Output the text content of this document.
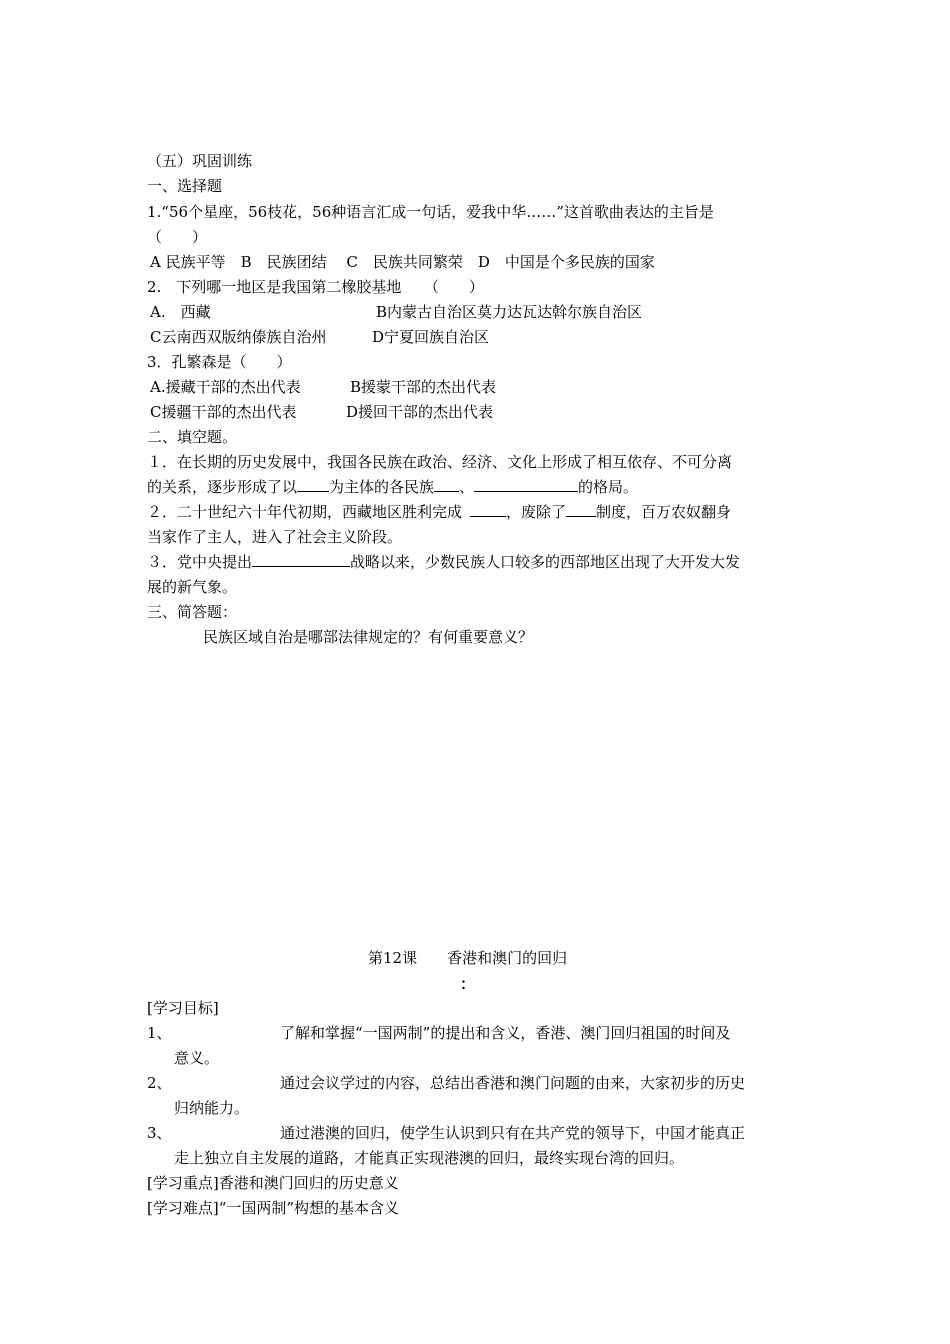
（五）巩固训练
一、选择题
1.“56个星座，56枝花，56种语言汇成一句话，爱我中华……”这首歌曲表达的主旨是
（　　）
A 民族平等　B　民族团结　 C　民族共同繁荣　D　中国是个多民族的国家
2.　下列哪一地区是我国第二橡胶基地　　（　　）
A.　西藏	B内蒙古自治区莫力达瓦达斡尔族自治区
C云南西双版纳傣族自治州	D宁夏回族自治区
3．孔繁森是（　　）
A.援藏干部的杰出代表	B援蒙干部的杰出代表
C援疆干部的杰出代表	D援回干部的杰出代表
二、填空题。
１．在长期的历史发展中，我国各民族在政治、经济、文化上形成了相互依存、不可分离
的关系，逐步形成了以 为主体的各民族 、	的格局。
２．二十世纪六十年代初期，西藏地区胜利完成	，废除了 制度，百万农奴翻身
当家作了主人，进入了社会主义阶段。
３．党中央提出	战略以来，少数民族人口较多的西部地区出现了大开发大发
展的新气象。
三、简答题：
民族区域自治是哪部法律规定的？有何重要意义？
第12课　　香港和澳门的回归
：
[学习目标]
1、	了解和掌握“一国两制”的提出和含义，香港、澳门回归祖国的时间及
意义。
2、	通过会议学过的内容，总结出香港和澳门问题的由来，大家初步的历史
归纳能力。
3、	通过港澳的回归，使学生认识到只有在共产党的领导下，中国才能真正
走上独立自主发展的道路，才能真正实现港澳的回归，最终实现台湾的回归。
[学习重点]香港和澳门回归的历史意义
[学习难点]“一国两制”构想的基本含义
